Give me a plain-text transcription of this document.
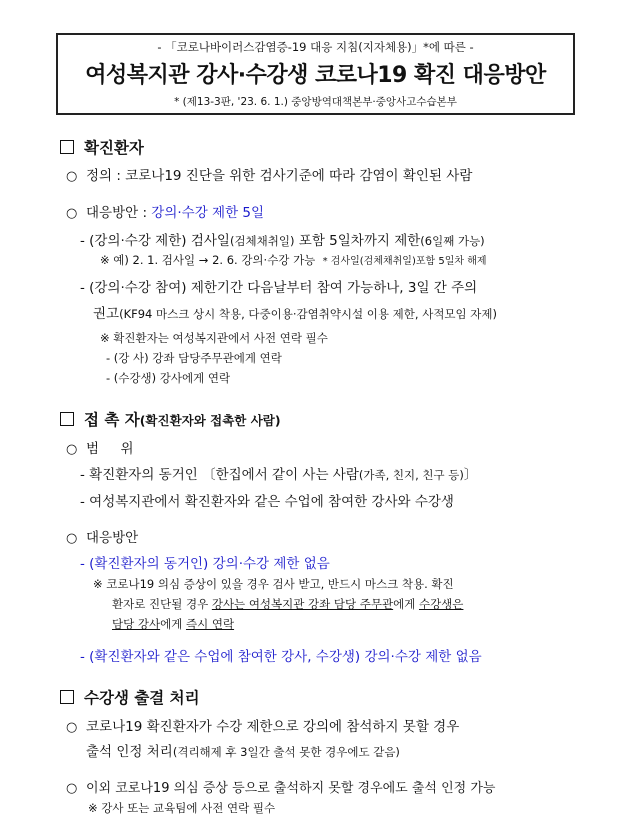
- 「코로나바이러스감염증-19 대응 지침(지자체용)」*에 따른 -
여성복지관 강사·수강생 코로나19 확진 대응방안
* (제13-3판, '23. 6. 1.) 중앙방역대책본부·중앙사고수습본부
확진환자
○ 정의 : 코로나19 진단을 위한 검사기준에 따라 감염이 확인된 사람
○ 대응방안 : 강의·수강 제한 5일
- (강의·수강 제한) 검사일(검체채취일) 포함 5일차까지 제한(6일째 가능)
※ 예) 2. 1. 검사일 → 2. 6. 강의·수강 가능 * 검사일(검체채취일)포함 5일차 해제
- (강의·수강 참여) 제한기간 다음날부터 참여 가능하나, 3일 간 주의
권고(KF94 마스크 상시 착용, 다중이용·감염취약시설 이용 제한, 사적모임 자제)
※ 확진환자는 여성복지관에서 사전 연락 필수
- (강 사) 강좌 담당주무관에게 연락
- (수강생) 강사에게 연락
접 촉 자(확진환자와 접촉한 사람)
○ 범     위
- 확진환자의 동거인 〔한집에서 같이 사는 사람(가족, 친지, 친구 등)〕
- 여성복지관에서 확진환자와 같은 수업에 참여한 강사와 수강생
○ 대응방안
- (확진환자의 동거인) 강의·수강 제한 없음
※ 코로나19 의심 증상이 있을 경우 검사 받고, 반드시 마스크 착용. 확진
환자로 진단될 경우 강사는 여성복지관 강좌 담당 주무관에게 수강생은
담당 강사에게 즉시 연락
- (확진환자와 같은 수업에 참여한 강사, 수강생) 강의·수강 제한 없음
수강생 출결 처리
○ 코로나19 확진환자가 수강 제한으로 강의에 참석하지 못할 경우
출석 인정 처리(격리해제 후 3일간 출석 못한 경우에도 같음)
○ 이외 코로나19 의심 증상 등으로 출석하지 못할 경우에도 출석 인정 가능
※ 강사 또는 교육팀에 사전 연락 필수
